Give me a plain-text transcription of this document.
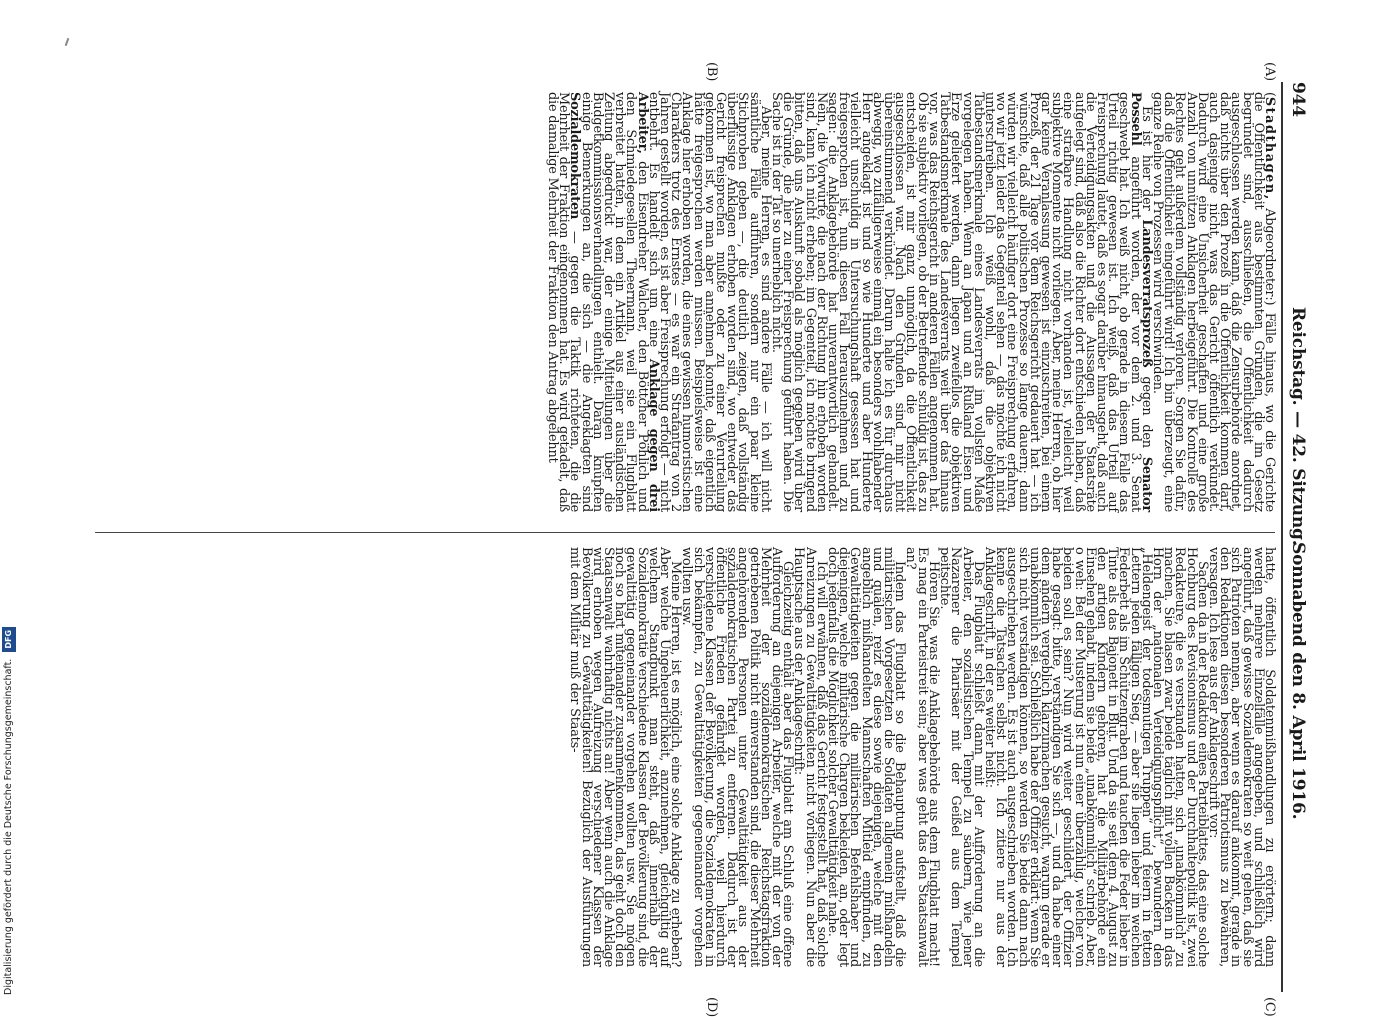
944
Reichstag. — 42. Sitzung.
Sonnabend den 8. April 1916.
(A)
(B)
(C)
(D)

(Stadthagen, Abgeordneter:) Fälle hinaus, wo die Gerichte die Öffentlichkeit aus bestimmten Gründen, die im Gesetz begründet sind, ausschließen, die Öffentlichkeit dadurch ausgeschlossen werden kann, daß die Zensurbehörde anordnet, daß nichts über den Prozeß in die Öffentlichkeit kommen darf, auch dasjenige nicht, was das Gericht öffentlich verkündet. Dadurch wird eine Unsicherheit geschaffen und eine große Anzahl von unnützen Anklagen herbeigeführt. Die Kontrolle des Rechtes geht außerdem vollständig verloren. Sorgen Sie dafür, daß die Öffentlichkeit eingeführt wird! Ich bin überzeugt, eine ganze Reihe von Prozessen wird verschwinden.

Es ist hier der Landesverratsprozeß gegen den Senator Possehl angeführt worden, der vor dem 2. und 3. Senat geschwebt hat. Ich weiß nicht, ob gerade in diesem Falle das Urteil richtig gewesen ist. Ich weiß, daß das Urteil auf Freisprechung lautet, daß es sogar darüber hinausgeht, daß auch die Verteidigungsakten und die Aussagen der Staatsräte aufgelegt sind, daß also die Richter dort entschieden haben, daß eine strafbare Handlung nicht vorhanden ist, vielleicht weil subjektive Momente nicht vorliegen. Aber, meine Herren, ob hier gar keine Veranlassung gewesen ist einzuschreiten, bei einem Prozeß, der 21 Tage vor dem Reichsgericht gedauert hat — ich wünschte, daß alle politischen Prozesse so lange dauern; dann würden wir vielleicht häufiger dort eine Freisprechung erfahren, wo wir jetzt leider das Gegenteil sehen —, das möchte ich nicht unterschreiben. Ich weiß wohl, daß die objektiven Tatbestandsmerkmale eines Landesverrats im vollsten Maße vorgelegen haben. Wenn an Japan und an Rußland Eisen und Erze geliefert werden, dann liegen zweifellos die objektiven Tatbestandsmerkmale des Landesverrats weit über das hinaus vor, was das Reichsgericht in anderen Fällen angenommen hat. Ob sie subjektiv vorliegen, ob der Betreffende schuldig ist, das zu entscheiden, ist mir ganz unmöglich, da die Öffentlichkeit ausgeschlossen war. Nach den Gründen sind mir nicht übereinstimmend verkündet. Darum halte ich es für durchaus abwegig, wo zufälligerweise einmal ein besonders wohlhabender Herr angeklagt ist und so wie Hunderte und aber Hunderte vielleicht unschuldig in Untersuchungshaft gesessen hat und freigesprochen ist, nun diesen Fall herauszunehmen und zu sagen: die Anklagebehörde hat unverantwortlich gehandelt. Nein, die Vorwürfe, die nach der Richtung hin erhoben worden sind, kann ich nicht erheben; im Gegenteil, ich möchte bringend bitten, daß uns Auskunft sobald als möglich gegeben wird über die Gründe, die hier zu einer Freisprechung geführt haben. Die Sache ist in der Tat so unerheblich nicht.

Aber, meine Herren, es sind andere Fälle — ich will nicht sämtliche Fälle aufführen, sondern nur ein paar kleine Stichproben geben —, die deutlich zeigen, daß vollständig überflüssige Anklagen erhoben worden sind, wo entweder das Gericht freisprechen mußte oder zu einer Verurteilung gekommen ist, wo man aber annehmen konnte, daß eigentlich hätte freigesprochen werden müssen. Beispielsweise ist eine Anklage hier erhoben worden, die eines gewissen humoristischen Charakters trotz des Ernstes — es war ein Strafantrag von 2 Jahren gestellt worden, es ist aber Freisprechung erfolgt — nicht entbehrt. Es handelt sich um eine Anklage gegen drei Arbeiter, den Eisendreher Walcher, den Böttcher Pöhlich und den Schmiedegesellen Theermann, weil sie ein Flugblatt verbreitet hatten, in dem ein Artikel aus einer ausländischen Zeitung abgedruckt war, der einige Mitteilungen über die Budgetkommissionsverhandlungen enthielt. Daran knüpften einige Bemerkungen an, die sich — die Angeklagten sind Sozialdemokraten — gegen die Taktik richteten, die die Mehrheit der Fraktion eingenommen hat. Es wird getadelt, daß die damalige Mehrheit der Fraktion den Antrag abgelehnt

hatte, öffentlich Soldatenmißhandlungen zu erörtern; dann werden mehrere Einzelfälle angegeben, und schließlich wird angeführt, daß gewisse Sozialdemokraten so weit gehen, daß sie sich Patrioten nennen, aber wenn es darauf ankommt, gerade in den Redaktionen diesen besonderen Patriotismus zu bewähren, versagen. Ich lese aus der Anklageschrift vor:

Sachen da in der Redaktion eines Parteiblattes, das eine solche Hochburg des Revisionismus und der Durchhaltepolitik ist, zwei Redakteure, die es verstanden hatten, sich „unabkömmlich“ zu machen. Sie blasen zwar beide täglich mit vollen Backen in das Horn der „nationalen Verteidigungspflicht“, bewundern den „Heldengeist der todesmutigen Truppen“ und feiern in fetten Lettern jeden fälligen Sieg, — aber sie liegen lieber im weichen Federbett als im Schützengraben und tauchen die Feder lieber in Tinte als das Bajonett in Blut. Und da sie seit dem 4. August zu den artigen Kindern gehören, hat die Militärbehörde ein Einsehen gehabt, indem sie beide „unabkömmlich“ schrieb. Aber, o weh: Bei der Musterung ist nun einer überzählig, welcher von beiden soll es sein? Nun wird weiter geschildert, der Offizier habe gesagt: bitte, verständigen Sie sich —, und da habe einer dem andern vergeblich klarzumachen gesucht, warum gerade er unabkömmlich sei. Schließlich habe der Offizier erklärt: wenn Sie sich nicht verständigen können, so werden Sie beide dann nach ausgeschrieben werden. Es ist auch ausgeschrieben worden. Ich kenne die Tatsachen selbst nicht. Ich zitiere nur aus der Anklageschrift, in der es weiter heißt:

Das Flugblatt schließt dann mit der Aufforderung an die Arbeiter, den sozialistischen Tempel zu säubern, wie jener Nazarener die Pharisäer mit der Geißel aus dem Tempel peitschte.

Hören Sie, was die Anklagebehörde aus dem Flugblatt macht! Es mag ein Parteistreit sein; aber was geht das den Staatsanwalt an?

Indem das Flugblatt so die Behauptung aufstellt, daß die militärischen Vorgesetzten die Soldaten allgemein mißhandeln und quälen, reizt es diese sowie diejenigen, welche mit den angeblich mißhandelten Mannschaften Mitleid empfinden, zu Gewalttätigkeiten gegen die militärischen Befehlshaber und diejenigen, welche militärische Chargen bekleiden, an, oder legt doch jedenfalls die Möglichkeit solcher Gewalttätigkeit nahe.

Ich will erwähnen, daß das Gericht festgestellt hat, daß solche Anreizungen zu Gewalttätigkeiten nicht vorliegen. Nun aber die Hauptsache aus der Anklageschrift:

Gleichzeitig enthält aber das Flugblatt am Schluß eine offene Aufforderung an diejenigen Arbeiter, welche mit der von der Mehrheit der sozialdemokratischen Reichstagsfraktion getriebenen Politik nicht einverstanden sind, die dieser Mehrheit angehörenden Personen unter Gewalttätigkeit aus der sozialdemokratischen Partei zu entfernen. Dadurch ist der öffentliche Frieden gefährdet worden, weil hierdurch verschiedene Klassen der Bevölkerung, die Sozialdemokraten in sich bekämpfen, zu Gewalttätigkeiten gegeneinander vorgehen wollten usw.

Meine Herren, ist es möglich, eine solche Anklage zu erheben? Aber welche Ungeheuerlichkeit, anzunehmen, gleichgültig auf welchem Standpunkt man steht, daß innerhalb der Sozialdemokratie verschiedene Klassen der Bevölkerung sind, die gewalttätig gegeneinander vorgehen wollten usw. Sie mögen noch so hart miteinander zusammenkommen, das geht doch den Staatsanwalt wahrhaftig nichts an! Aber wenn auch die Anklage wird erhoben wegen Aufreizung verschiedener Klassen der Bevölkerung zu Gewalttätigkeiten! Bezüglich der Ausführungen mit dem Militär muß der Staats-

Digitalisierung gefördert durch die Deutsche Forschungsgemeinschaft. DFG
